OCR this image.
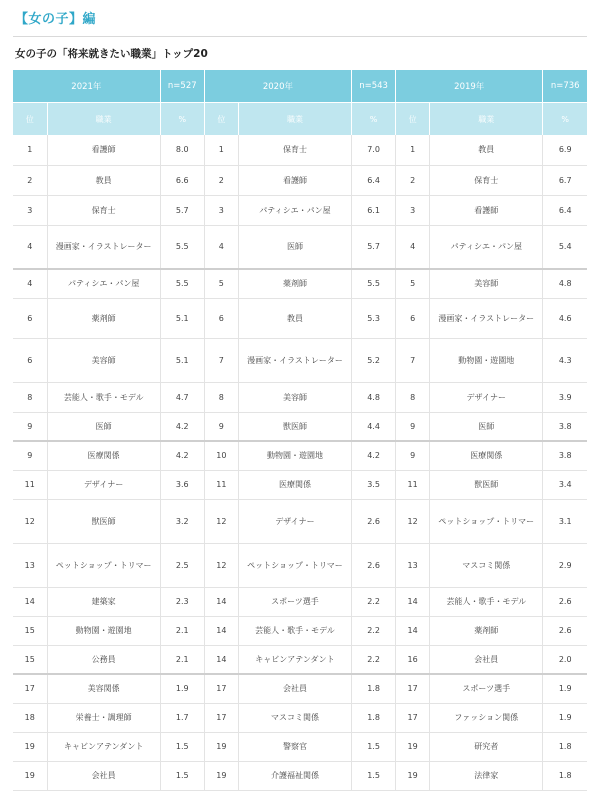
【女の子】編
女の子の「将来就きたい職業」トップ20
2021年		n=527	2020年		n=543	2019年		n=736
位	職業	%	位	職業	%	位	職業	%
1	看護師	8.0	1	保育士	7.0	1	教員	6.9
2	教員	6.6	2	看護師	6.4	2	保育士	6.7
3	保育士	5.7	3	パティシエ・パン屋	6.1	3	看護師	6.4
4	漫画家・イラストレーター	5.5	4	医師	5.7	4	パティシエ・パン屋	5.4
4	パティシエ・パン屋	5.5	5	薬剤師	5.5	5	美容師	4.8
6	薬剤師	5.1	6	教員	5.3	6	漫画家・イラストレーター	4.6
6	美容師	5.1	7	漫画家・イラストレーター	5.2	7	動物園・遊園地	4.3
8	芸能人・歌手・モデル	4.7	8	美容師	4.8	8	デザイナー	3.9
9	医師	4.2	9	獣医師	4.4	9	医師	3.8
9	医療関係	4.2	10	動物園・遊園地	4.2	9	医療関係	3.8
11	デザイナー	3.6	11	医療関係	3.5	11	獣医師	3.4
12	獣医師	3.2	12	デザイナー	2.6	12	ペットショップ・トリマー	3.1
13	ペットショップ・トリマー	2.5	12	ペットショップ・トリマー	2.6	13	マスコミ関係	2.9
14	建築家	2.3	14	スポーツ選手	2.2	14	芸能人・歌手・モデル	2.6
15	動物園・遊園地	2.1	14	芸能人・歌手・モデル	2.2	14	薬剤師	2.6
15	公務員	2.1	14	キャビンアテンダント	2.2	16	会社員	2.0
17	美容関係	1.9	17	会社員	1.8	17	スポーツ選手	1.9
18	栄養士・調理師	1.7	17	マスコミ関係	1.8	17	ファッション関係	1.9
19	キャビンアテンダント	1.5	19	警察官	1.5	19	研究者	1.8
19	会社員	1.5	19	介護福祉関係	1.5	19	法律家	1.8
